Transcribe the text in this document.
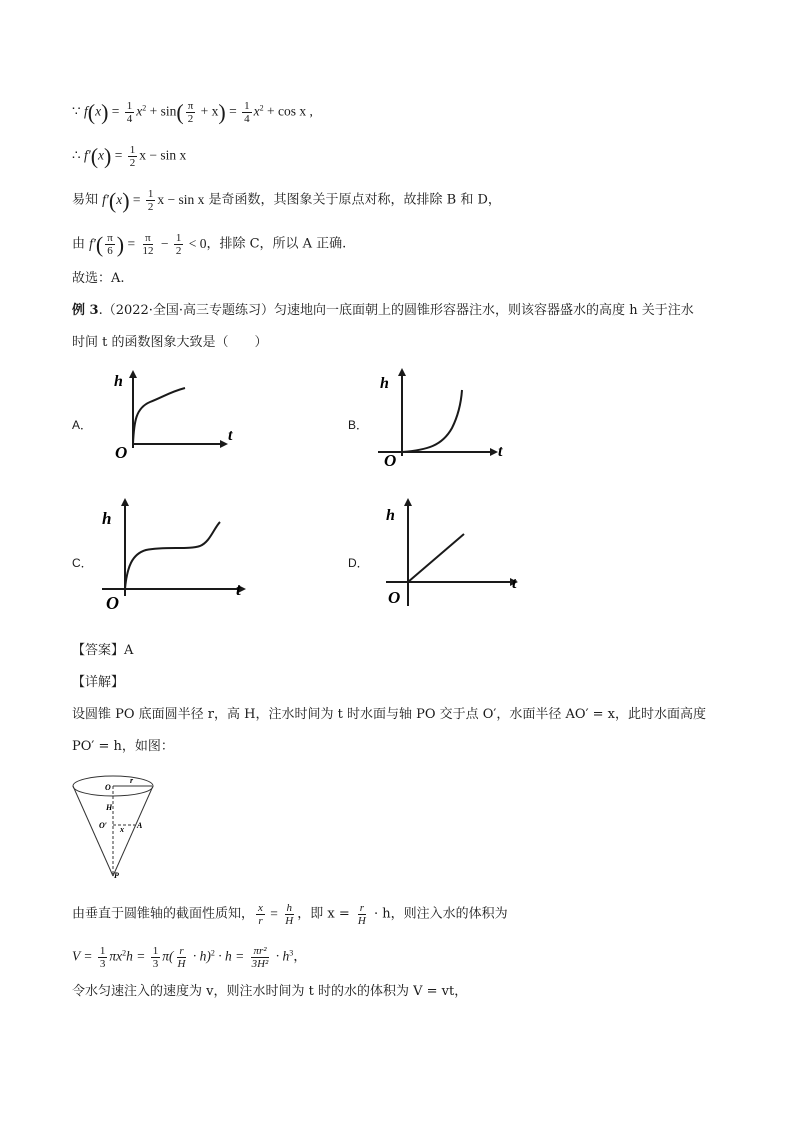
∵ $f(x) = \frac{1}{4} x^2 + \sin( \frac{\pi}{2} + x) = \frac{1}{4} x^2 + \cos x$ ,
∴ $f'(x) = \frac{1}{2}$ x − sin x
易知 $f'(x) = \frac{1}{2}$ x − sin x 是奇函数，其图象关于原点对称，故排除 B 和 D，
由 $f'( \frac{\pi}{6}$ ) = $\frac{\pi}{12} - \frac{1}{2} < 0$，排除 C，所以 A 正确.
故选：A.
例 3.（2022·全国·高三专题练习）匀速地向一底面朝上的圆锥形容器注水，则该容器盛水的高度 h 关于注水
时间 t 的函数图象大致是（　　）
A．
h
t
O
B．
h
t
O
C．
h
t
O
D．
h
t
O
【答案】A
【详解】
设圆锥 PO 底面圆半径 r，高 H，注水时间为 t 时水面与轴 PO 交于点 O′，水面半径 AO′ = x，此时水面高度
PO′ = h，如图：
O
r
H
O′ x A
P
由垂直于圆锥轴的截面性质知， $\frac{x}{r} = \frac{h}{H}$ ，即 $x = \frac{r}{H} \cdot h$，则注入水的体积为
$V = \frac{1}{3} \pi x^2h = \frac{1}{3} \pi( \frac{r}{H} \cdot h)^2 \cdot h = \frac{\text{πr²}}{\text{3H²}} \cdot h^3$，
令水匀速注入的速度为 v，则注水时间为 t 时的水的体积为 V = vt，
